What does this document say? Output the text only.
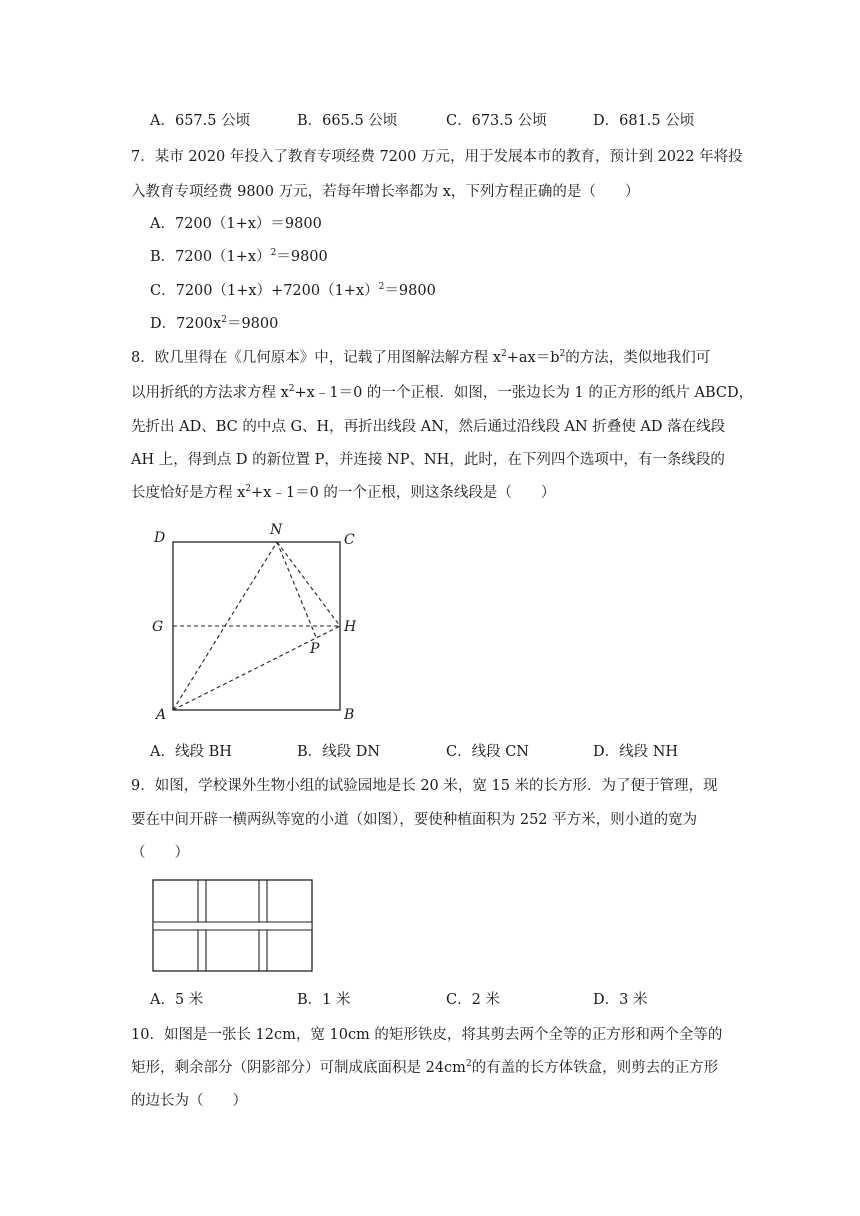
A．657.5 公顷	B．665.5 公顷	C．673.5 公顷	D．681.5 公顷
7．某市 2020 年投入了教育专项经费 7200 万元，用于发展本市的教育，预计到 2022 年将投
入教育专项经费 9800 万元，若每年增长率都为 x，下列方程正确的是（　　）
A．7200（1+x）＝9800
B．$7200(1+x)^2=9800$
C．$7200(1+x)+7200(1+x)^2=9800$
D．$7200x^2=9800$
8．欧几里得在《几何原本》中，记载了用图解法解方程 $x^2+ax=b^2$的方法，类似地我们可
以用折纸的方法求方程 $x^2+x﹣1=0$ 的一个正根．如图，一张边长为 1 的正方形的纸片 ABCD，
先折出 AD、BC 的中点 G、H，再折出线段 AN，然后通过沿线段 AN 折叠使 AD 落在线段
AH 上，得到点 D 的新位置 P，并连接 NP、NH，此时，在下列四个选项中，有一条线段的
长度恰好是方程 $x^2+x﹣1=0$ 的一个正根，则这条线段是（　　）
D	N
C
G	H
P
A	B
A．线段 BH	B．线段 DN	C．线段 CN	D．线段 NH
9．如图，学校课外生物小组的试验园地是长 20 米，宽 15 米的长方形．为了便于管理，现
要在中间开辟一横两纵等宽的小道（如图），要使种植面积为 252 平方米，则小道的宽为
（　　）
A．5 米	B．1 米	C．2 米	D．3 米
10．如图是一张长 12cm，宽 10cm 的矩形铁皮，将其剪去两个全等的正方形和两个全等的
矩形，剩余部分（阴影部分）可制成底面积是 $24cm^2$的有盖的长方体铁盒，则剪去的正方形
的边长为（　　）
